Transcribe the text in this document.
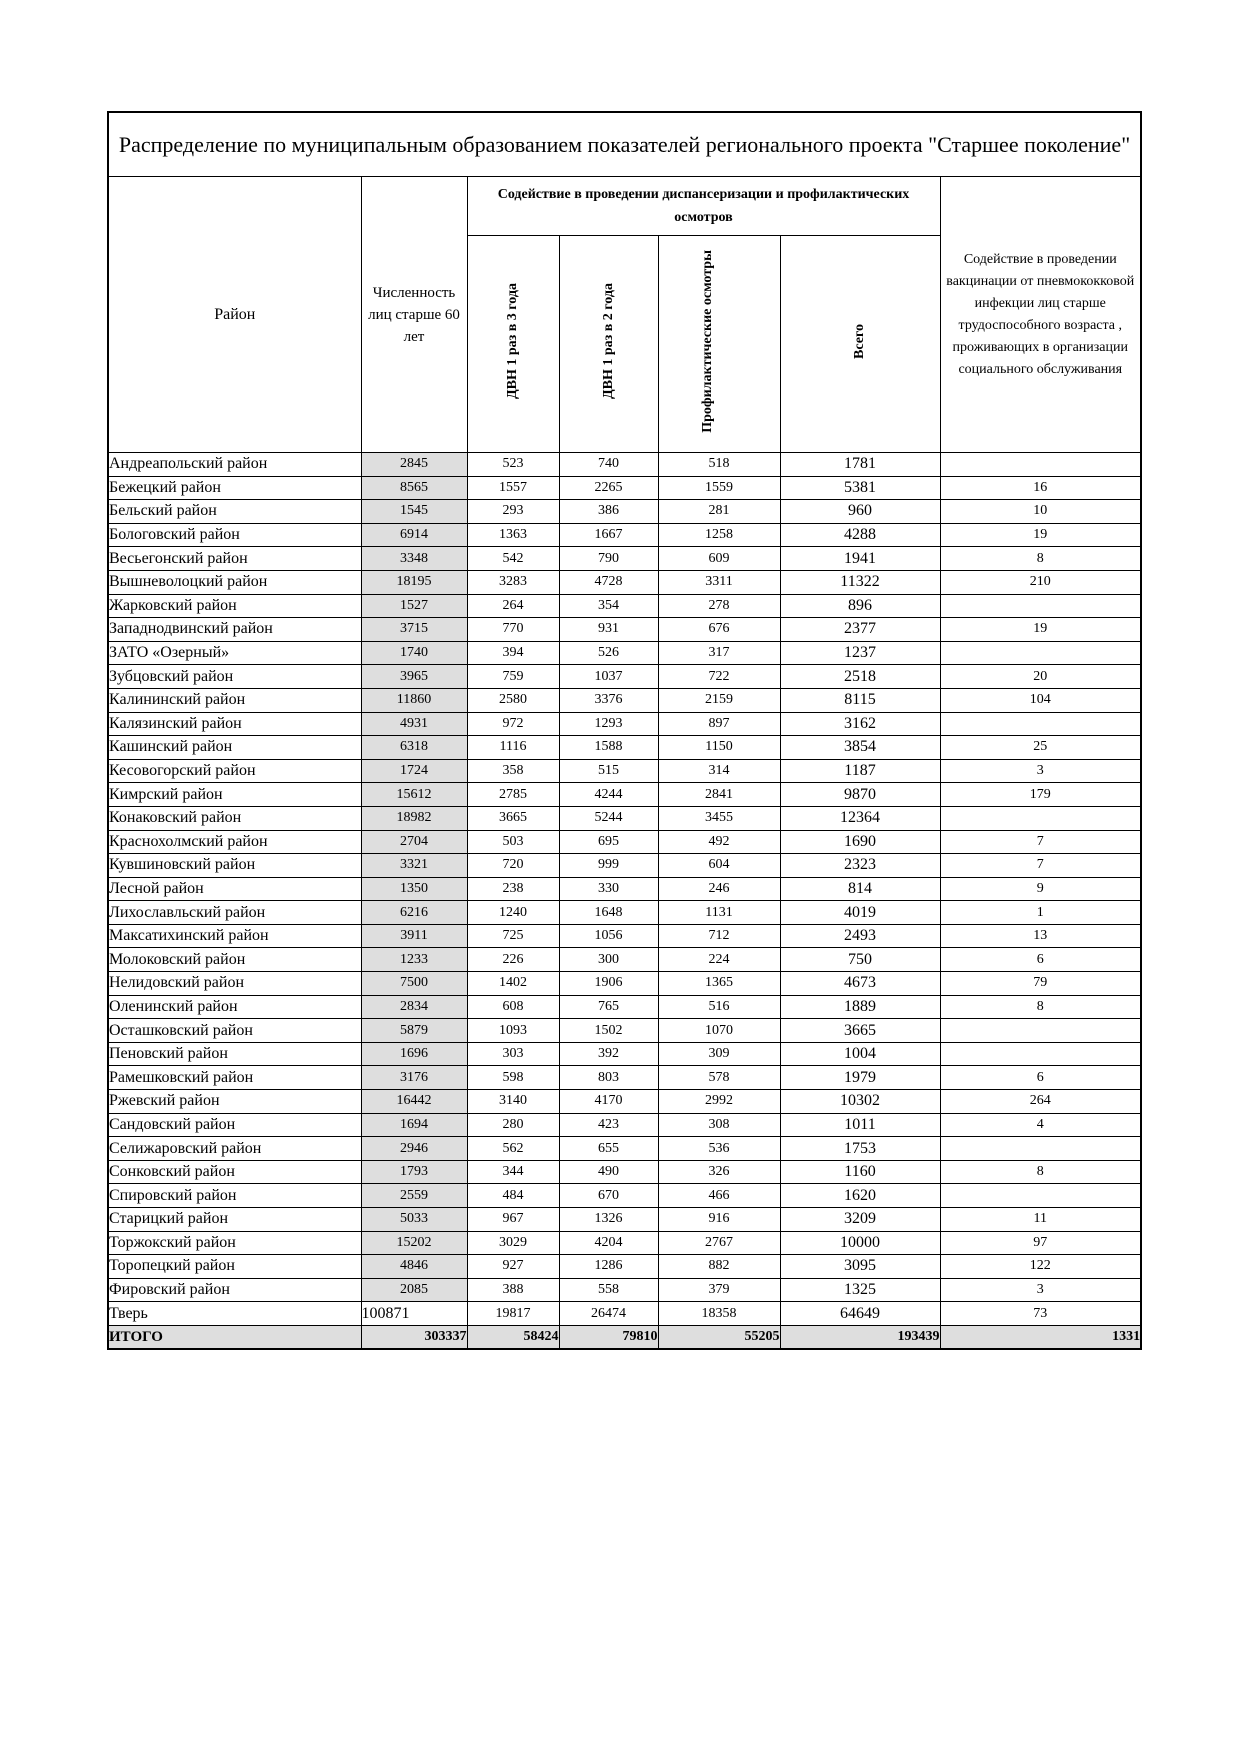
Распределение по муниципальным образованием показателей регионального проекта "Старшее поколение"						
Район	Численность лиц старше 60 лет	Содействие в проведении диспансеризации и профилактических осмотров				Содействие в проведении вакцинации от пневмококковой инфекции лиц старше трудоспособного возраста , проживающих в организации социального обслуживания
		ДВН 1 раз в 3 года	ДВН 1 раз в 2 года	Профилактические осмотры	Всего	
Андреапольский район	2845	523	740	518	1781	
Бежецкий район	8565	1557	2265	1559	5381	16
Бельский район	1545	293	386	281	960	10
Бологовский район	6914	1363	1667	1258	4288	19
Весьегонский район	3348	542	790	609	1941	8
Вышневолоцкий район	18195	3283	4728	3311	11322	210
Жарковский район	1527	264	354	278	896	
Западнодвинский район	3715	770	931	676	2377	19
ЗАТО «Озерный»	1740	394	526	317	1237	
Зубцовский район	3965	759	1037	722	2518	20
Калининский район	11860	2580	3376	2159	8115	104
Калязинский район	4931	972	1293	897	3162	
Кашинский район	6318	1116	1588	1150	3854	25
Кесовогорский район	1724	358	515	314	1187	3
Кимрский район	15612	2785	4244	2841	9870	179
Конаковский район	18982	3665	5244	3455	12364	
Краснохолмский район	2704	503	695	492	1690	7
Кувшиновский район	3321	720	999	604	2323	7
Лесной район	1350	238	330	246	814	9
Лихославльский район	6216	1240	1648	1131	4019	1
Максатихинский район	3911	725	1056	712	2493	13
Молоковский район	1233	226	300	224	750	6
Нелидовский район	7500	1402	1906	1365	4673	79
Оленинский район	2834	608	765	516	1889	8
Осташковский район	5879	1093	1502	1070	3665	
Пеновский район	1696	303	392	309	1004	
Рамешковский район	3176	598	803	578	1979	6
Ржевский район	16442	3140	4170	2992	10302	264
Сандовский район	1694	280	423	308	1011	4
Селижаровский район	2946	562	655	536	1753	
Сонковский район	1793	344	490	326	1160	8
Спировский район	2559	484	670	466	1620	
Старицкий район	5033	967	1326	916	3209	11
Торжокский район	15202	3029	4204	2767	10000	97
Торопецкий район	4846	927	1286	882	3095	122
Фировский район	2085	388	558	379	1325	3
Тверь	100871	19817	26474	18358	64649	73
ИТОГО	303337	58424	79810	55205	193439	1331
